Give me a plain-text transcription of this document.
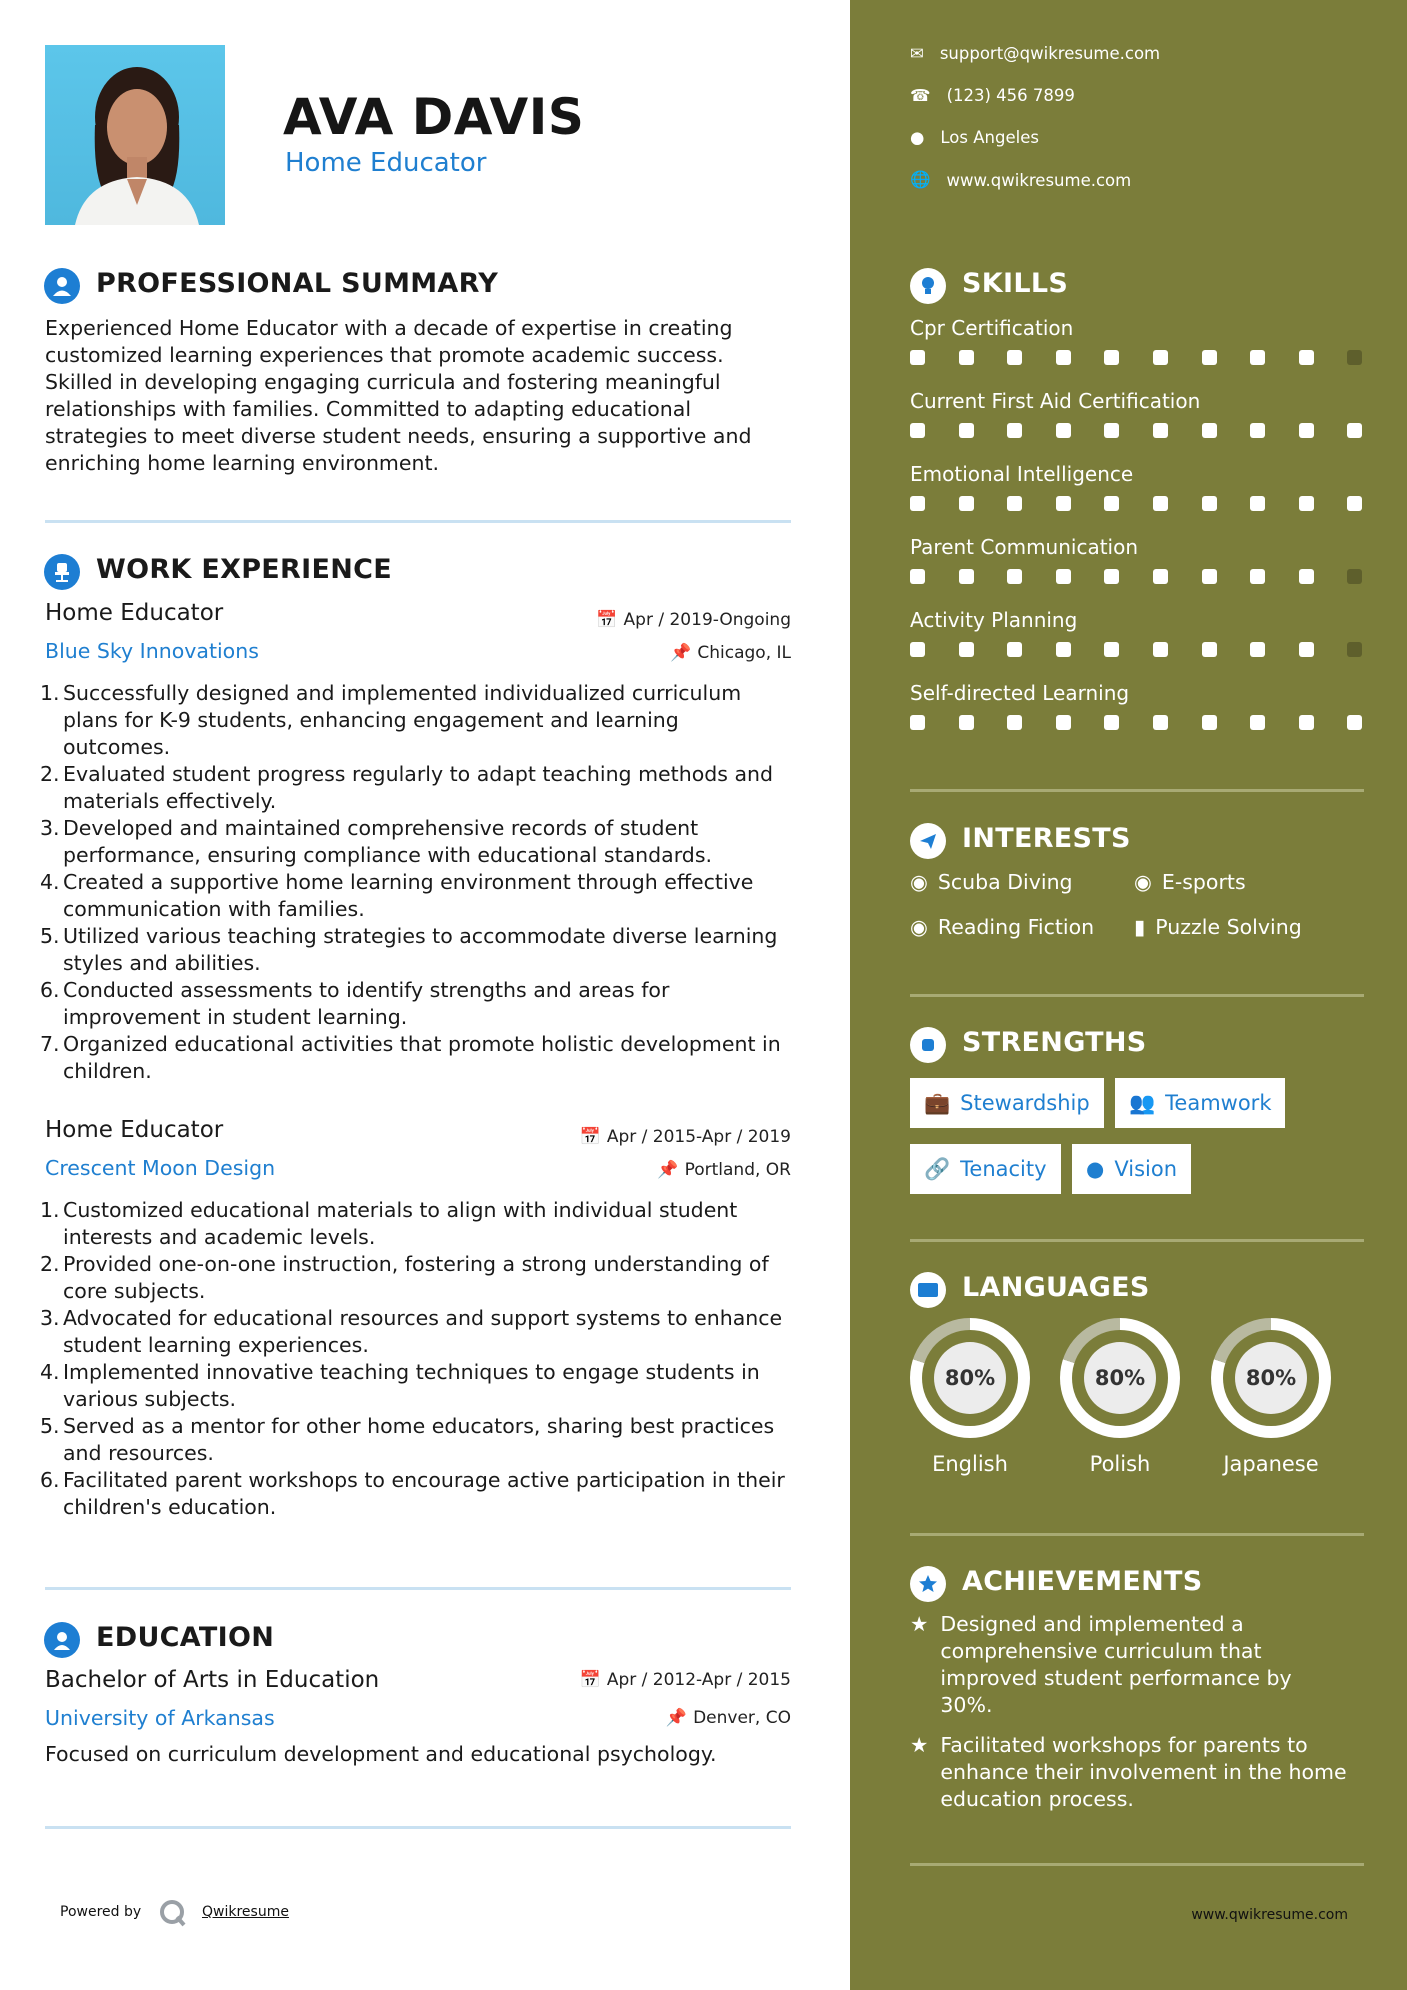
AVA DAVIS
Home Educator
PROFESSIONAL SUMMARY
Experienced Home Educator with a decade of expertise in creating customized learning experiences that promote academic success. Skilled in developing engaging curricula and fostering meaningful relationships with families. Committed to adapting educational strategies to meet diverse student needs, ensuring a supportive and enriching home learning environment.
WORK EXPERIENCE
Home Educator	📅 Apr / 2019-Ongoing
Blue Sky Innovations	📌 Chicago, IL
1. Successfully designed and implemented individualized curriculum plans for K-9 students, enhancing engagement and learning outcomes.
2. Evaluated student progress regularly to adapt teaching methods and materials effectively.
3. Developed and maintained comprehensive records of student performance, ensuring compliance with educational standards.
4. Created a supportive home learning environment through effective communication with families.
5. Utilized various teaching strategies to accommodate diverse learning styles and abilities.
6. Conducted assessments to identify strengths and areas for improvement in student learning.
7. Organized educational activities that promote holistic development in children.
Home Educator	📅 Apr / 2015-Apr / 2019
Crescent Moon Design	📌 Portland, OR
1. Customized educational materials to align with individual student interests and academic levels.
2. Provided one-on-one instruction, fostering a strong understanding of core subjects.
3. Advocated for educational resources and support systems to enhance student learning experiences.
4. Implemented innovative teaching techniques to engage students in various subjects.
5. Served as a mentor for other home educators, sharing best practices and resources.
6. Facilitated parent workshops to encourage active participation in their children's education.
EDUCATION
Bachelor of Arts in Education	📅 Apr / 2012-Apr / 2015
University of Arkansas	📌 Denver, CO
Focused on curriculum development and educational psychology.
Powered by	Qwikresume
✉ support@qwikresume.com
☎ (123) 456 7899
● Los Angeles
🌐 www.qwikresume.com
SKILLS
Cpr Certification
Current First Aid Certification
Emotional Intelligence
Parent Communication
Activity Planning
Self-directed Learning
INTERESTS
◉ Scuba Diving	◉ E-sports
◉ Reading Fiction ▮ Puzzle Solving
STRENGTHS
💼 Stewardship 👥 Teamwork
🔗 Tenacity ● Vision
LANGUAGES
80%
English
80%
Polish
80%
Japanese
ACHIEVEMENTS
★ Designed and implemented a comprehensive curriculum that improved student performance by 30%.
★ Facilitated workshops for parents to enhance their involvement in the home education process.
www.qwikresume.com
